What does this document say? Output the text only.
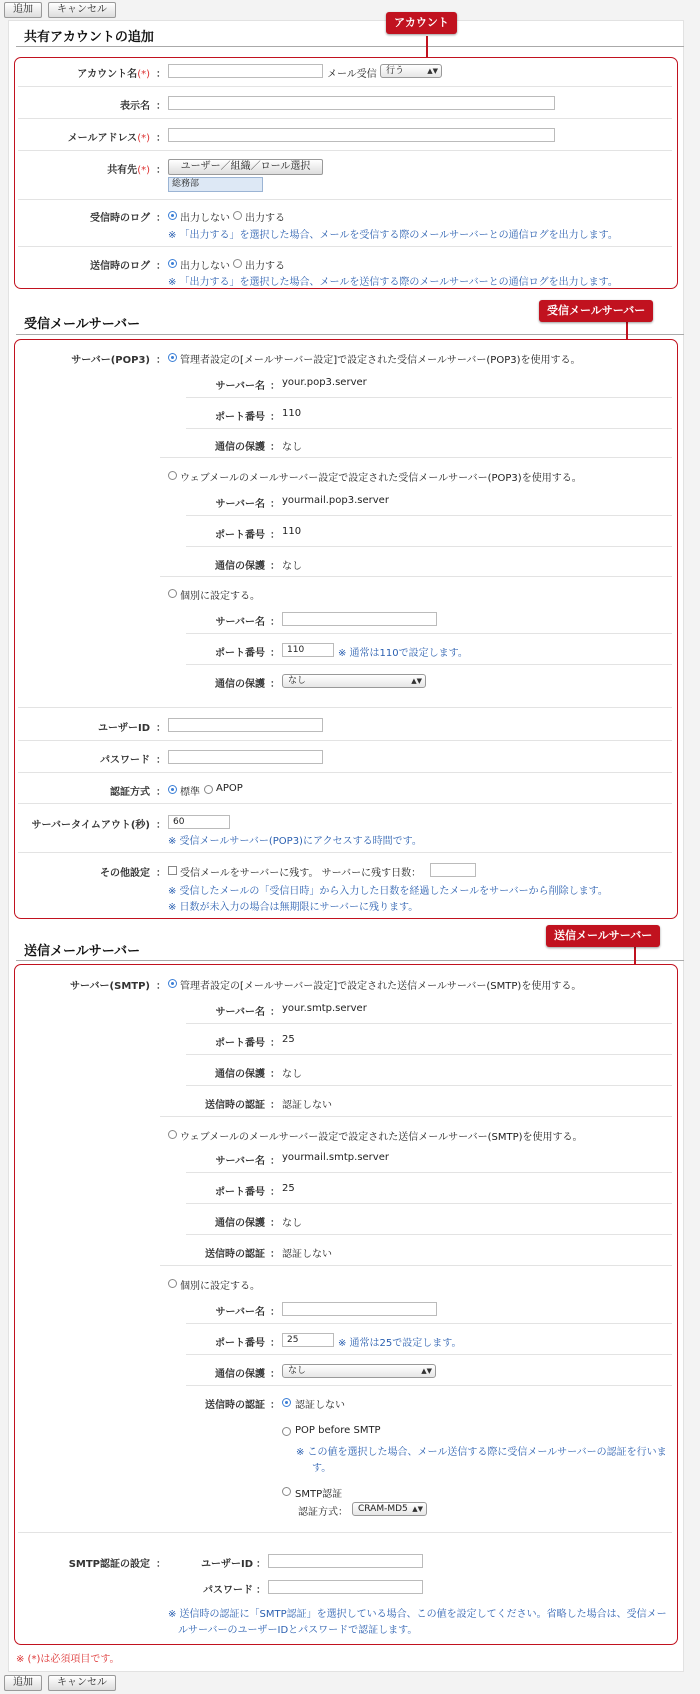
追加	キャンセル
共有アカウントの追加
アカウント
アカウント名(*) ：	メール受信	行う	▲▼
表示名 ：
メールアドレス(*) ：
共有先(*) ：	ユーザー／組織／ロール選択
総務部
受信時のログ ： 出力しない 出力する
※ 「出力する」を選択した場合、メールを受信する際のメールサーバーとの通信ログを出力します。
送信時のログ ： 出力しない 出力する
※ 「出力する」を選択した場合、メールを送信する際のメールサーバーとの通信ログを出力します。
受信メールサーバー
受信メールサーバー
サーバー(POP3) ： 管理者設定の[メールサーバー設定]で設定された受信メールサーバー(POP3)を使用する。
サーバー名 ： your.pop3.server
ポート番号 ： 110
通信の保護 ： なし
ウェブメールのメールサーバー設定で設定された受信メールサーバー(POP3)を使用する。
サーバー名 ： yourmail.pop3.server
ポート番号 ： 110
通信の保護 ： なし
個別に設定する。
サーバー名 ：
ポート番号 ： 110	※ 通常は110で設定します。
通信の保護 ： なし	▲▼
ユーザーID ：
パスワード ：
認証方式 ： 標準 APOP
サーバータイムアウト(秒) ： 60
※ 受信メールサーバー(POP3)にアクセスする時間です。
その他設定 ： 受信メールをサーバーに残す。 サーバーに残す日数：
※ 受信したメールの「受信日時」から入力した日数を経過したメールをサーバーから削除します。
※ 日数が未入力の場合は無期限にサーバーに残ります。
送信メールサーバー
送信メールサーバー
サーバー(SMTP) ： 管理者設定の[メールサーバー設定]で設定された送信メールサーバー(SMTP)を使用する。
サーバー名 ： your.smtp.server
ポート番号 ： 25
通信の保護 ： なし
送信時の認証 ： 認証しない
ウェブメールのメールサーバー設定で設定された送信メールサーバー(SMTP)を使用する。
サーバー名 ： yourmail.smtp.server
ポート番号 ： 25
通信の保護 ： なし
送信時の認証 ： 認証しない
個別に設定する。
サーバー名 ：
ポート番号 ： 25	※ 通常は25で設定します。
通信の保護 ： なし	▲▼
送信時の認証 ： 認証しない
POP before SMTP
※ この値を選択した場合、メール送信する際に受信メールサーバーの認証を行いま
す。
SMTP認証
認証方式：	CRAM-MD5 ▲▼
SMTP認証の設定 ：	ユーザーID ：
パスワード ：
※ 送信時の認証に「SMTP認証」を選択している場合、この値を設定してください。省略した場合は、受信メー
ルサーバーのユーザーIDとパスワードで認証します。
※ (*)は必須項目です。
追加	キャンセル
